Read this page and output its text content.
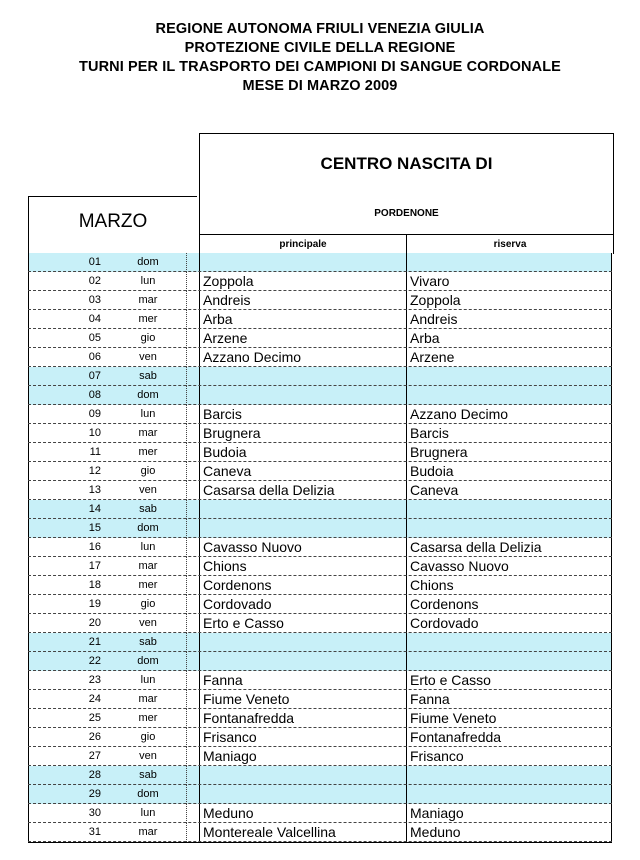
REGIONE AUTONOMA FRIULI VENEZIA GIULIA
PROTEZIONE CIVILE DELLA REGIONE
TURNI PER IL TRASPORTO DEI CAMPIONI DI SANGUE CORDONALE
MESE DI MARZO 2009
MARZO
CENTRO NASCITA DI
PORDENONE
principale	riserva
01	dom
02	lun	Zoppola	Vivaro
03	mar	Andreis	Zoppola
04	mer	Arba	Andreis
05	gio	Arzene	Arba
06	ven	Azzano Decimo	Arzene
07	sab
08	dom
09	lun	Barcis	Azzano Decimo
10	mar	Brugnera	Barcis
11	mer	Budoia	Brugnera
12	gio	Caneva	Budoia
13	ven	Casarsa della Delizia	Caneva
14	sab
15	dom
16	lun	Cavasso Nuovo	Casarsa della Delizia
17	mar	Chions	Cavasso Nuovo
18	mer	Cordenons	Chions
19	gio	Cordovado	Cordenons
20	ven	Erto e Casso	Cordovado
21	sab
22	dom
23	lun	Fanna	Erto e Casso
24	mar	Fiume Veneto	Fanna
25	mer	Fontanafredda	Fiume Veneto
26	gio	Frisanco	Fontanafredda
27	ven	Maniago	Frisanco
28	sab
29	dom
30	lun	Meduno	Maniago
31	mar	Montereale Valcellina	Meduno
